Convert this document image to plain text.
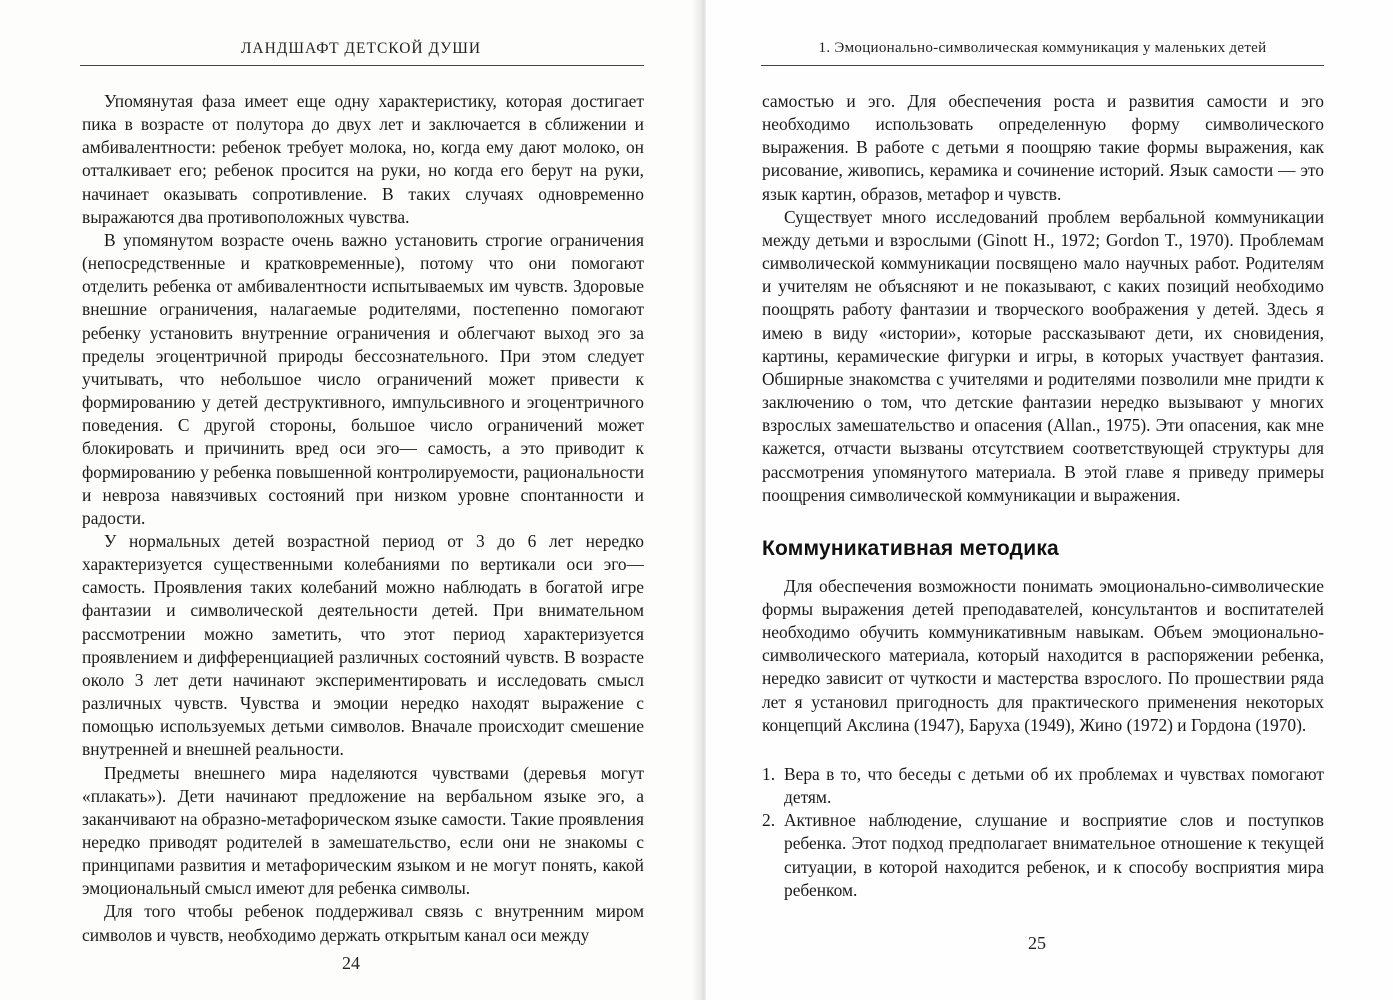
ЛАНДШАФТ ДЕТСКОЙ ДУШИ

Упомянутая фаза имеет еще одну характеристику, которая достигает пика в возрасте от полутора до двух лет и заключается в сближении и амбивалентности: ребенок требует молока, но, когда ему дают молоко, он отталкивает его; ребенок просится на руки, но когда его берут на руки, начинает оказывать сопротивление. В таких случаях одновременно выражаются два противоположных чувства.

В упомянутом возрасте очень важно установить строгие ограничения (непосредственные и кратковременные), потому что они помогают отделить ребенка от амбивалентности испытываемых им чувств. Здоровые внешние ограничения, налагаемые родителями, постепенно помогают ребенку установить внутренние ограничения и облегчают выход эго за пределы эгоцентричной природы бессознательного. При этом следует учитывать, что небольшое число ограничений может привести к формированию у детей деструктивного, импульсивного и эгоцентричного поведения. С другой стороны, большое число ограничений может блокировать и причинить вред оси эго— самость, а это приводит к формированию у ребенка повышенной контролируемости, рациональности и невроза навязчивых состояний при низком уровне спонтанности и радости.

У нормальных детей возрастной период от 3 до 6 лет нередко характеризуется существенными колебаниями по вертикали оси эго— самость. Проявления таких колебаний можно наблюдать в богатой игре фантазии и символической деятельности детей. При внимательном рассмотрении можно заметить, что этот период характеризуется проявлением и дифференциацией различных состояний чувств. В возрасте около 3 лет дети начинают экспериментировать и исследовать смысл различных чувств. Чувства и эмоции нередко находят выражение с помощью используемых детьми символов. Вначале происходит смешение внутренней и внешней реальности.

Предметы внешнего мира наделяются чувствами (деревья могут «плакать»). Дети начинают предложение на вербальном языке эго, а заканчивают на образно-метафорическом языке самости. Такие проявления нередко приводят родителей в замешательство, если они не знакомы с принципами развития и метафорическим языком и не могут понять, какой эмоциональный смысл имеют для ребенка символы.

Для того чтобы ребенок поддерживал связь с внутренним миром символов и чувств, необходимо держать открытым канал оси между

24
1. Эмоционально-символическая коммуникация у маленьких детей

самостью и эго. Для обеспечения роста и развития самости и эго необходимо использовать определенную форму символического выражения. В работе с детьми я поощряю такие формы выражения, как рисование, живопись, керамика и сочинение историй. Язык самости — это язык картин, образов, метафор и чувств.

Существует много исследований проблем вербальной коммуникации между детьми и взрослыми (Ginott H., 1972; Gordon T., 1970). Проблемам символической коммуникации посвящено мало научных работ. Родителям и учителям не объясняют и не показывают, с каких позиций необходимо поощрять работу фантазии и творческого воображения у детей. Здесь я имею в виду «истории», которые рассказывают дети, их сновидения, картины, керамические фигурки и игры, в которых участвует фантазия. Обширные знакомства с учителями и родителями позволили мне придти к заключению о том, что детские фантазии нередко вызывают у многих взрослых замешательство и опасения (Allan., 1975). Эти опасения, как мне кажется, отчасти вызваны отсутствием соответствующей структуры для рассмотрения упомянутого материала. В этой главе я приведу примеры поощрения символической коммуникации и выражения.

Коммуникативная методика

Для обеспечения возможности понимать эмоционально-символические формы выражения детей преподавателей, консультантов и воспитателей необходимо обучить коммуникативным навыкам. Объем эмоционально-символического материала, который находится в распоряжении ребенка, нередко зависит от чуткости и мастерства взрослого. По прошествии ряда лет я установил пригодность для практического применения некоторых концепций Акслина (1947), Баруха (1949), Жино (1972) и Гордона (1970).

1. Вера в то, что беседы с детьми об их проблемах и чувствах помогают детям.
2. Активное наблюдение, слушание и восприятие слов и поступков ребенка. Этот подход предполагает внимательное отношение к текущей ситуации, в которой находится ребенок, и к способу восприятия мира ребенком.
25
